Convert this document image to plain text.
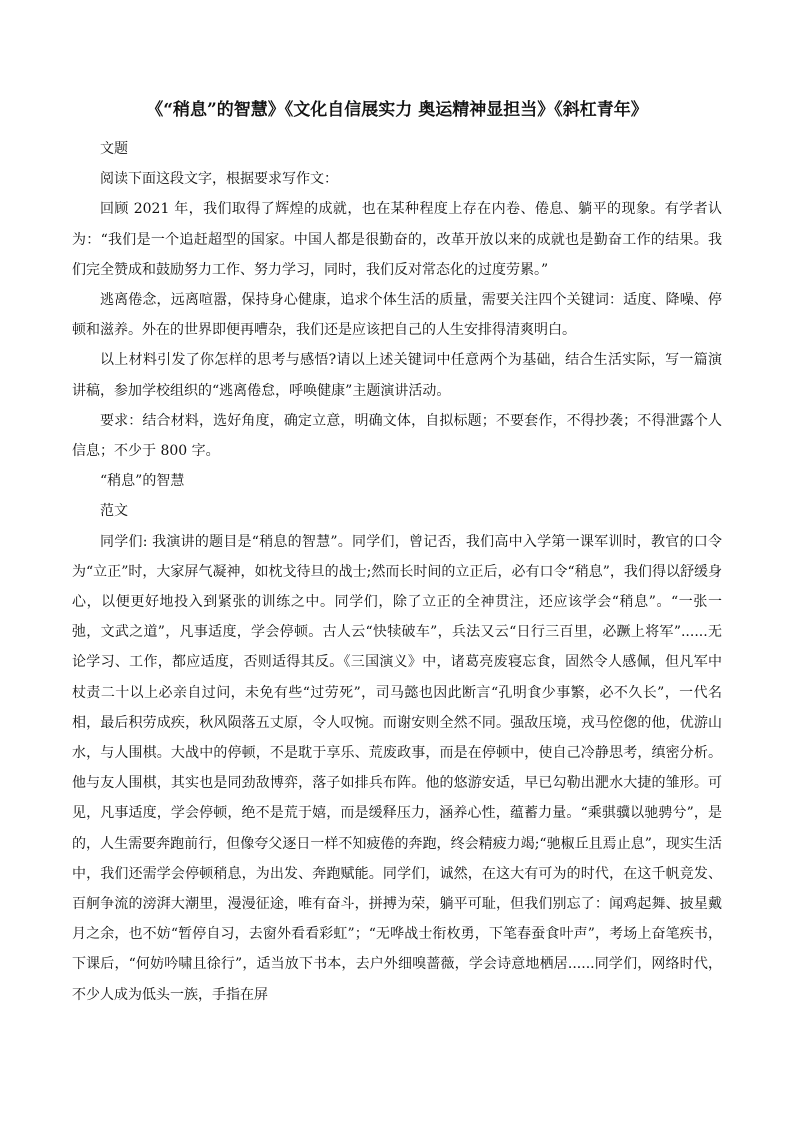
《“稍息”的智慧》《文化自信展实力 奥运精神显担当》《斜杠青年》

文题

阅读下面这段文字，根据要求写作文：

回顾 2021 年，我们取得了辉煌的成就，也在某种程度上存在内卷、倦息、躺平的现象。有学者认为：“我们是一个追赶超型的国家。中国人都是很勤奋的，改革开放以来的成就也是勤奋工作的结果。我们完全赞成和鼓励努力工作、努力学习，同时，我们反对常态化的过度劳累。”

逃离倦念，远离喧嚣，保持身心健康，追求个体生活的质量，需要关注四个关键词：适度、降噪、停顿和滋养。外在的世界即便再嘈杂，我们还是应该把自己的人生安排得清爽明白。

以上材料引发了你怎样的思考与感悟?请以上述关键词中任意两个为基础，结合生活实际，写一篇演讲稿，参加学校组织的“逃离倦怠，呼唤健康”主题演讲活动。

要求：结合材料，选好角度，确定立意，明确文体，自拟标题；不要套作，不得抄袭；不得泄露个人信息；不少于 800 字。

“稍息”的智慧

范文

同学们: 我演讲的题目是“稍息的智慧”。同学们，曾记否，我们高中入学第一课军训时，教官的口令为“立正”时，大家屏气凝神，如枕戈待旦的战士;然而长时间的立正后，必有口令“稍息”，我们得以舒缓身心，以便更好地投入到紧张的训练之中。同学们，除了立正的全神贯注，还应该学会“稍息”。“一张一弛，文武之道”，凡事适度，学会停顿。古人云“快犊破车”，兵法又云“日行三百里，必蹶上将军”......无论学习、工作，都应适度，否则适得其反。《三国演义》中，诸葛亮废寝忘食，固然令人感佩，但凡军中杖责二十以上必亲自过问，未免有些“过劳死”，司马懿也因此断言“孔明食少事繁，必不久长”，一代名相，最后积劳成疾，秋风陨落五丈原，令人叹惋。而谢安则全然不同。强敌压境，戎马倥偬的他，优游山水，与人围棋。大战中的停顿，不是耽于享乐、荒废政事，而是在停顿中，使自己冷静思考，缜密分析。他与友人围棋，其实也是同劲敌博弈，落子如排兵布阵。他的悠游安适，早已勾勒出淝水大捷的雏形。可见，凡事适度，学会停顿，绝不是荒于嬉，而是缓释压力，涵养心性，蕴蓄力量。“乘骐骥以驰骋兮”，是的，人生需要奔跑前行，但像夸父逐日一样不知疲倦的奔跑，终会精疲力竭;“驰椒丘且焉止息”，现实生活中，我们还需学会停顿稍息，为出发、奔跑赋能。同学们，诚然，在这大有可为的时代，在这千帆竞发、百舸争流的滂湃大潮里，漫漫征途，唯有奋斗，拼搏为荣，躺平可耻，但我们别忘了：闻鸡起舞、披星戴月之余，也不妨“暂停自习，去窗外看看彩虹”；“无哗战士衔枚勇，下笔春蚕食叶声”，考场上奋笔疾书，下课后，“何妨吟啸且徐行”，适当放下书本，去户外细嗅蔷薇，学会诗意地栖居......同学们，网络时代，不少人成为低头一族，手指在屏
